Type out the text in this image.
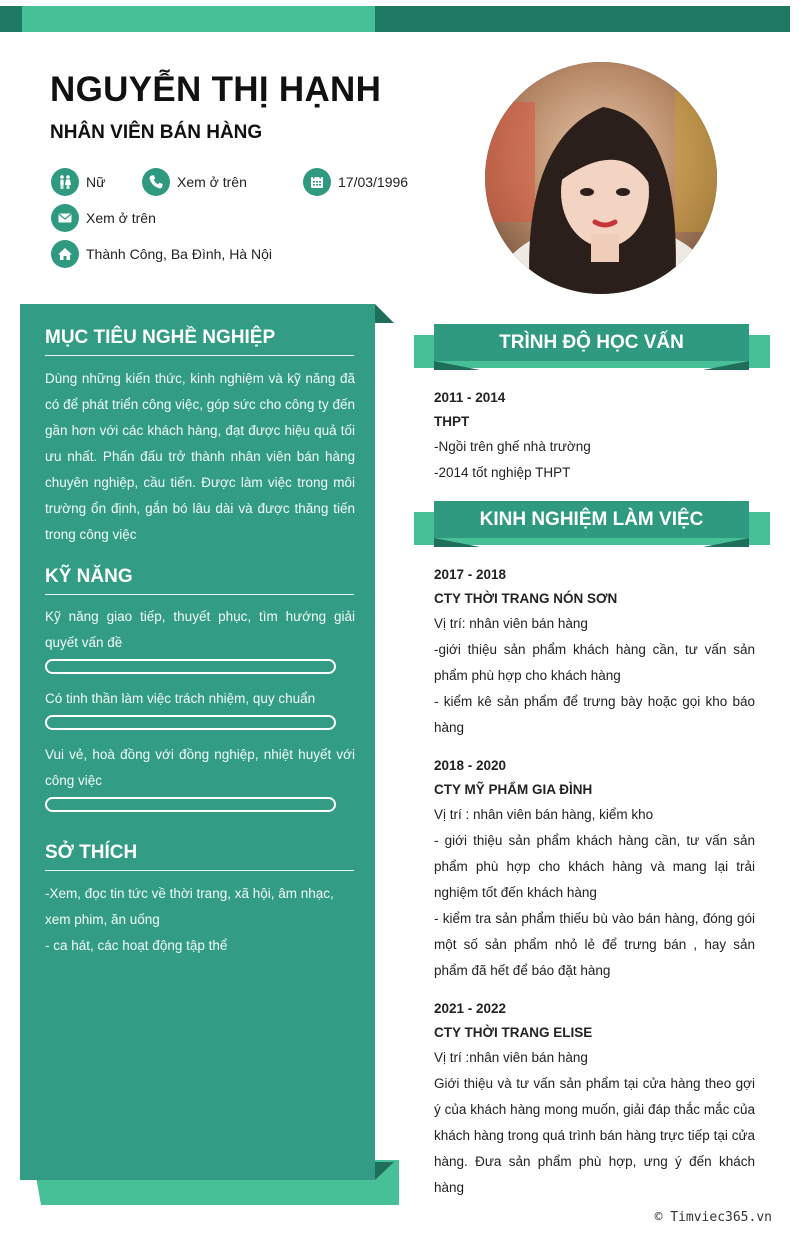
NGUYỄN THỊ HẠNH
NHÂN VIÊN BÁN HÀNG
Nữ	Xem ở trên	17/03/1996
Xem ở trên
Thành Công, Ba Đình, Hà Nội
MỤC TIÊU NGHỀ NGHIỆP
Dùng những kiến thức, kinh nghiệm và kỹ năng đã có để phát triển công việc, góp sức cho công ty đến gần hơn với các khách hàng, đạt được hiệu quả tối ưu nhất. Phấn đấu trở thành nhân viên bán hàng chuyên nghiệp, cầu tiến. Được làm việc trong môi trường ổn định, gắn bó lâu dài và được thăng tiến trong công việc
KỸ NĂNG
Kỹ năng giao tiếp, thuyết phục, tìm hướng giải quyết vấn đề
Có tinh thần làm việc trách nhiệm, quy chuẩn
Vui vẻ, hoà đồng với đồng nghiệp, nhiệt huyết với công việc
SỞ THÍCH
-Xem, đọc tin tức về thời trang, xã hội, âm nhạc, xem phim, ăn uống
- ca hát, các hoạt động tập thể
TRÌNH ĐỘ HỌC VẤN
2011 - 2014
THPT
-Ngồi trên ghế nhà trường
-2014 tốt nghiệp THPT
KINH NGHIỆM LÀM VIỆC
2017 - 2018
CTY THỜI TRANG NÓN SƠN
Vị trí: nhân viên bán hàng
-giới thiệu sản phẩm khách hàng cần, tư vấn sản phẩm phù hợp cho khách hàng
- kiểm kê sản phẩm để trưng bày hoặc gọi kho báo hàng
2018 - 2020
CTY MỸ PHẨM GIA ĐÌNH
Vị trí : nhân viên bán hàng, kiểm kho
- giới thiệu sản phẩm khách hàng cần, tư vấn sản phẩm phù hợp cho khách hàng và mang lại trải nghiệm tốt đến khách hàng
- kiểm tra sản phẩm thiếu bù vào bán hàng, đóng gói một số sản phẩm nhỏ lẻ để trưng bán , hay sản phẩm đã hết để báo đặt hàng
2021 - 2022
CTY THỜI TRANG ELISE
Vị trí :nhân viên bán hàng
Giới thiệu và tư vấn sản phẩm tại cửa hàng theo gợi ý của khách hàng mong muốn, giải đáp thắc mắc của khách hàng trong quá trình bán hàng trực tiếp tại cửa hàng. Đưa sản phẩm phù hợp, ưng ý đến khách hàng
© Timviec365.vn
